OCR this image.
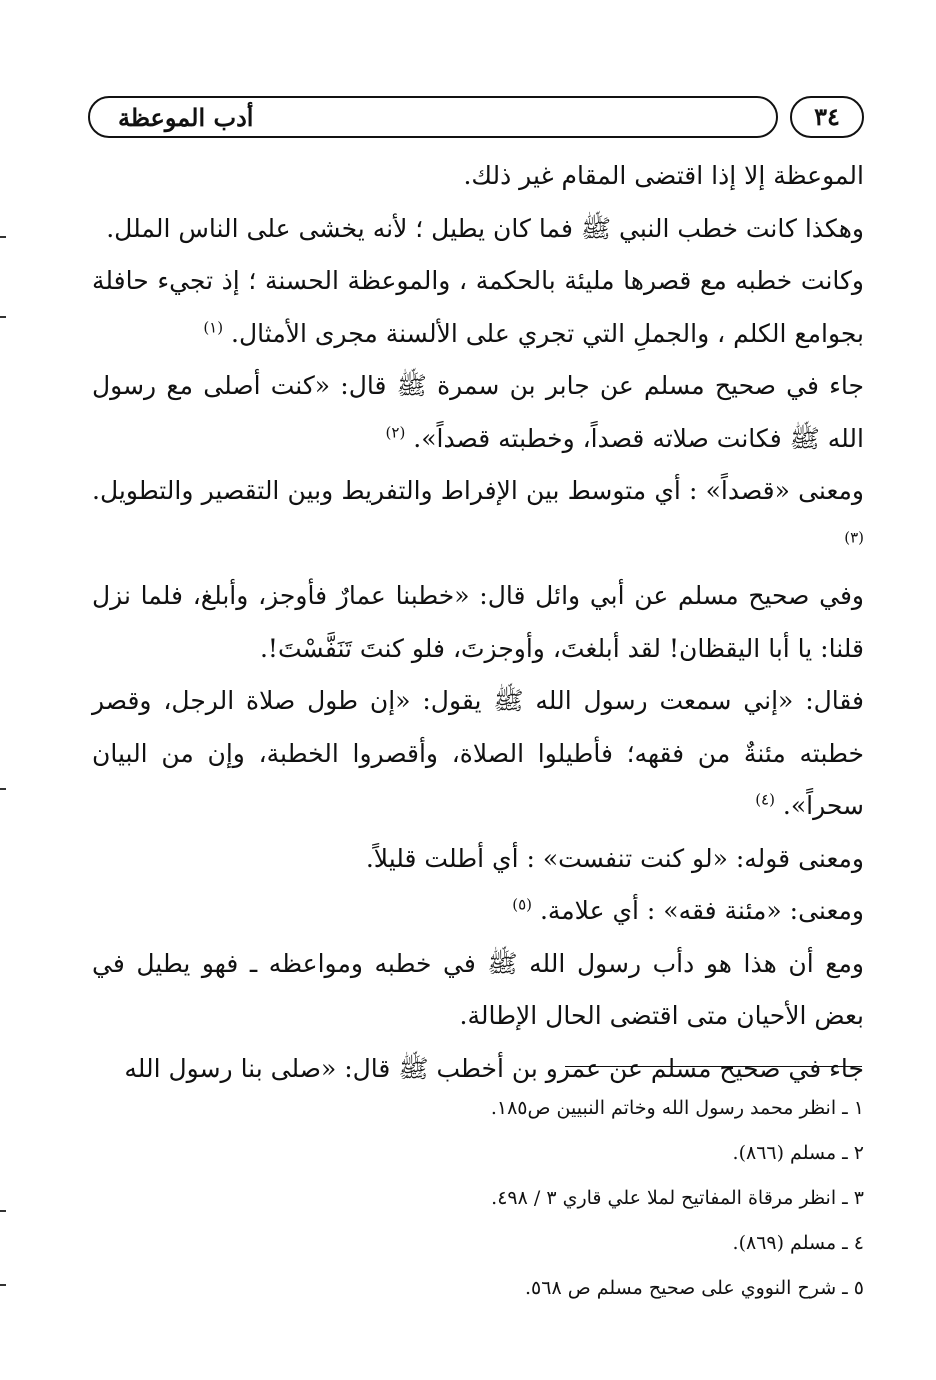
أدب الموعظة	٣٤

الموعظة إلا إذا اقتضى المقام غير ذلك.

وهكذا كانت خطب النبي ﷺ فما كان يطيل ؛ لأنه يخشى على الناس الملل.

وكانت خطبه مع قصرها مليئة بالحكمة ، والموعظة الحسنة ؛ إذ تجيء حافلة بجوامع الكلم ، والجملِ التي تجري على الألسنة مجرى الأمثال. $^{(١)}$

جاء في صحيح مسلم عن جابر بن سمرة ﷺ قال: «كنت أصلى مع رسول الله ﷺ فكانت صلاته قصداً، وخطبته قصداً». $^{(٢)}$

ومعنى «قصداً» : أي متوسط بين الإفراط والتفريط وبين التقصير والتطويل.$^{(٣)}$

وفي صحيح مسلم عن أبي وائل قال: «خطبنا عمارٌ فأوجز، وأبلغ، فلما نزل قلنا: يا أبا اليقظان! لقد أبلغتَ، وأوجزتَ، فلو كنتَ تَنَفَّسْتَ!.

فقال: «إني سمعت رسول الله ﷺ يقول: «إن طول صلاة الرجل، وقصر خطبته مئنةٌ من فقهه؛ فأطيلوا الصلاة، وأقصروا الخطبة، وإن من البيان سحراً». $^{(٤)}$

ومعنى قوله: «لو كنت تنفست» : أي أطلت قليلاً.

ومعنى: «مئنة فقه» : أي علامة. $^{(٥)}$

ومع أن هذا هو دأب رسول الله ﷺ في خطبه ومواعظه ـ فهو يطيل في بعض الأحيان متى اقتضى الحال الإطالة.

جاء في صحيح مسلم عن عمرو بن أخطب ﷺ قال: «صلى بنا رسول الله

١ ـ انظر محمد رسول الله وخاتم النبيين ص١٨٥.
٢ ـ مسلم (٨٦٦).
٣ ـ انظر مرقاة المفاتيح لملا علي قاري ٣ / ٤٩٨.
٤ ـ مسلم (٨٦٩).
٥ ـ شرح النووي على صحيح مسلم ص ٥٦٨.
